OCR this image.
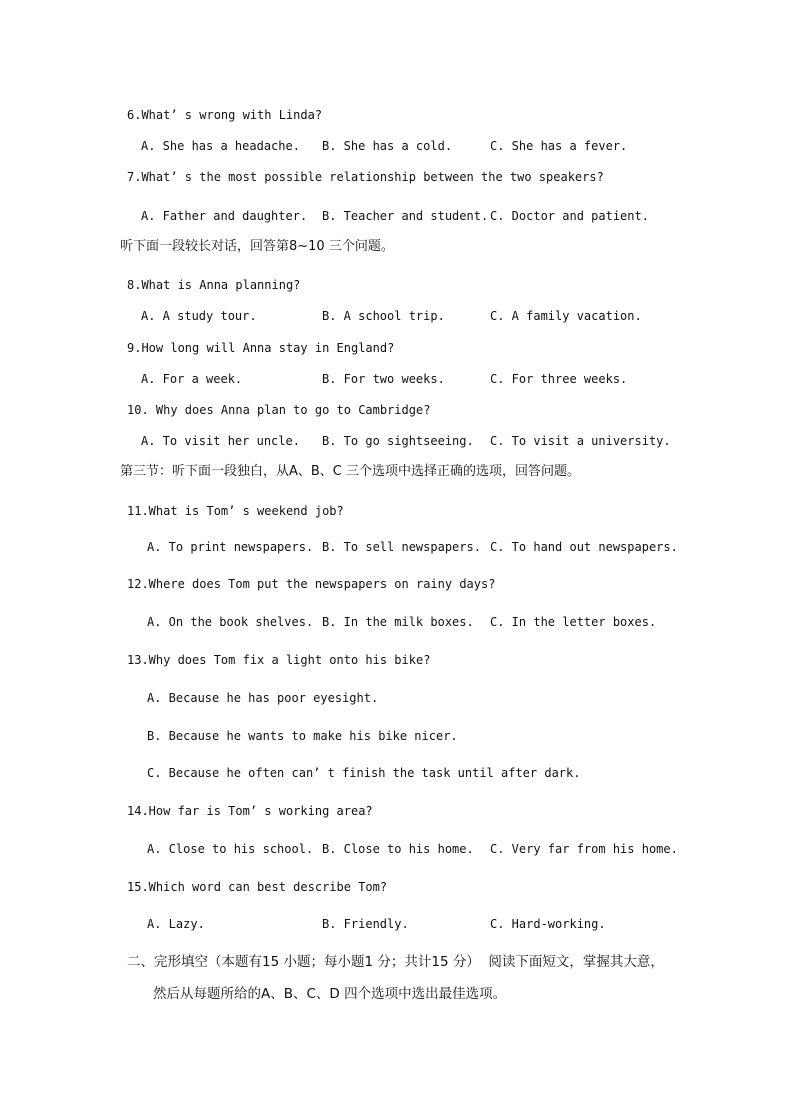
6.What’ s wrong with Linda?
A. She has a headache. B. She has a cold.	C. She has a fever.
7.What’ s the most possible relationship between the two speakers?
A. Father and daughter. B. Teacher and student. C. Doctor and patient.
听下面一段较长对话，回答第8~10 三个问题。
8.What is Anna planning?
A. A study tour.	B. A school trip.	C. A family vacation.
9.How long will Anna stay in England?
A. For a week.	B. For two weeks.	C. For three weeks.
10. Why does Anna plan to go to Cambridge?
A. To visit her uncle. B. To go sightseeing. C. To visit a university.
第三节：听下面一段独白，从A、B、C 三个选项中选择正确的选项，回答问题。
11.What is Tom’ s weekend job?
A. To print newspapers. B. To sell newspapers. C. To hand out newspapers.
12.Where does Tom put the newspapers on rainy days?
A. On the book shelves. B. In the milk boxes. C. In the letter boxes.
13.Why does Tom fix a light onto his bike?
A. Because he has poor eyesight.
B. Because he wants to make his bike nicer.
C. Because he often can’ t finish the task until after dark.
14.How far is Tom’ s working area?
A. Close to his school. B. Close to his home. C. Very far from his home.
15.Which word can best describe Tom?
A. Lazy.	B. Friendly.	C. Hard-working.
二、完形填空（本题有15 小题；每小题1 分；共计15 分）  阅读下面短文，掌握其大意，
然后从每题所给的A、B、C、D 四个选项中选出最佳选项。
